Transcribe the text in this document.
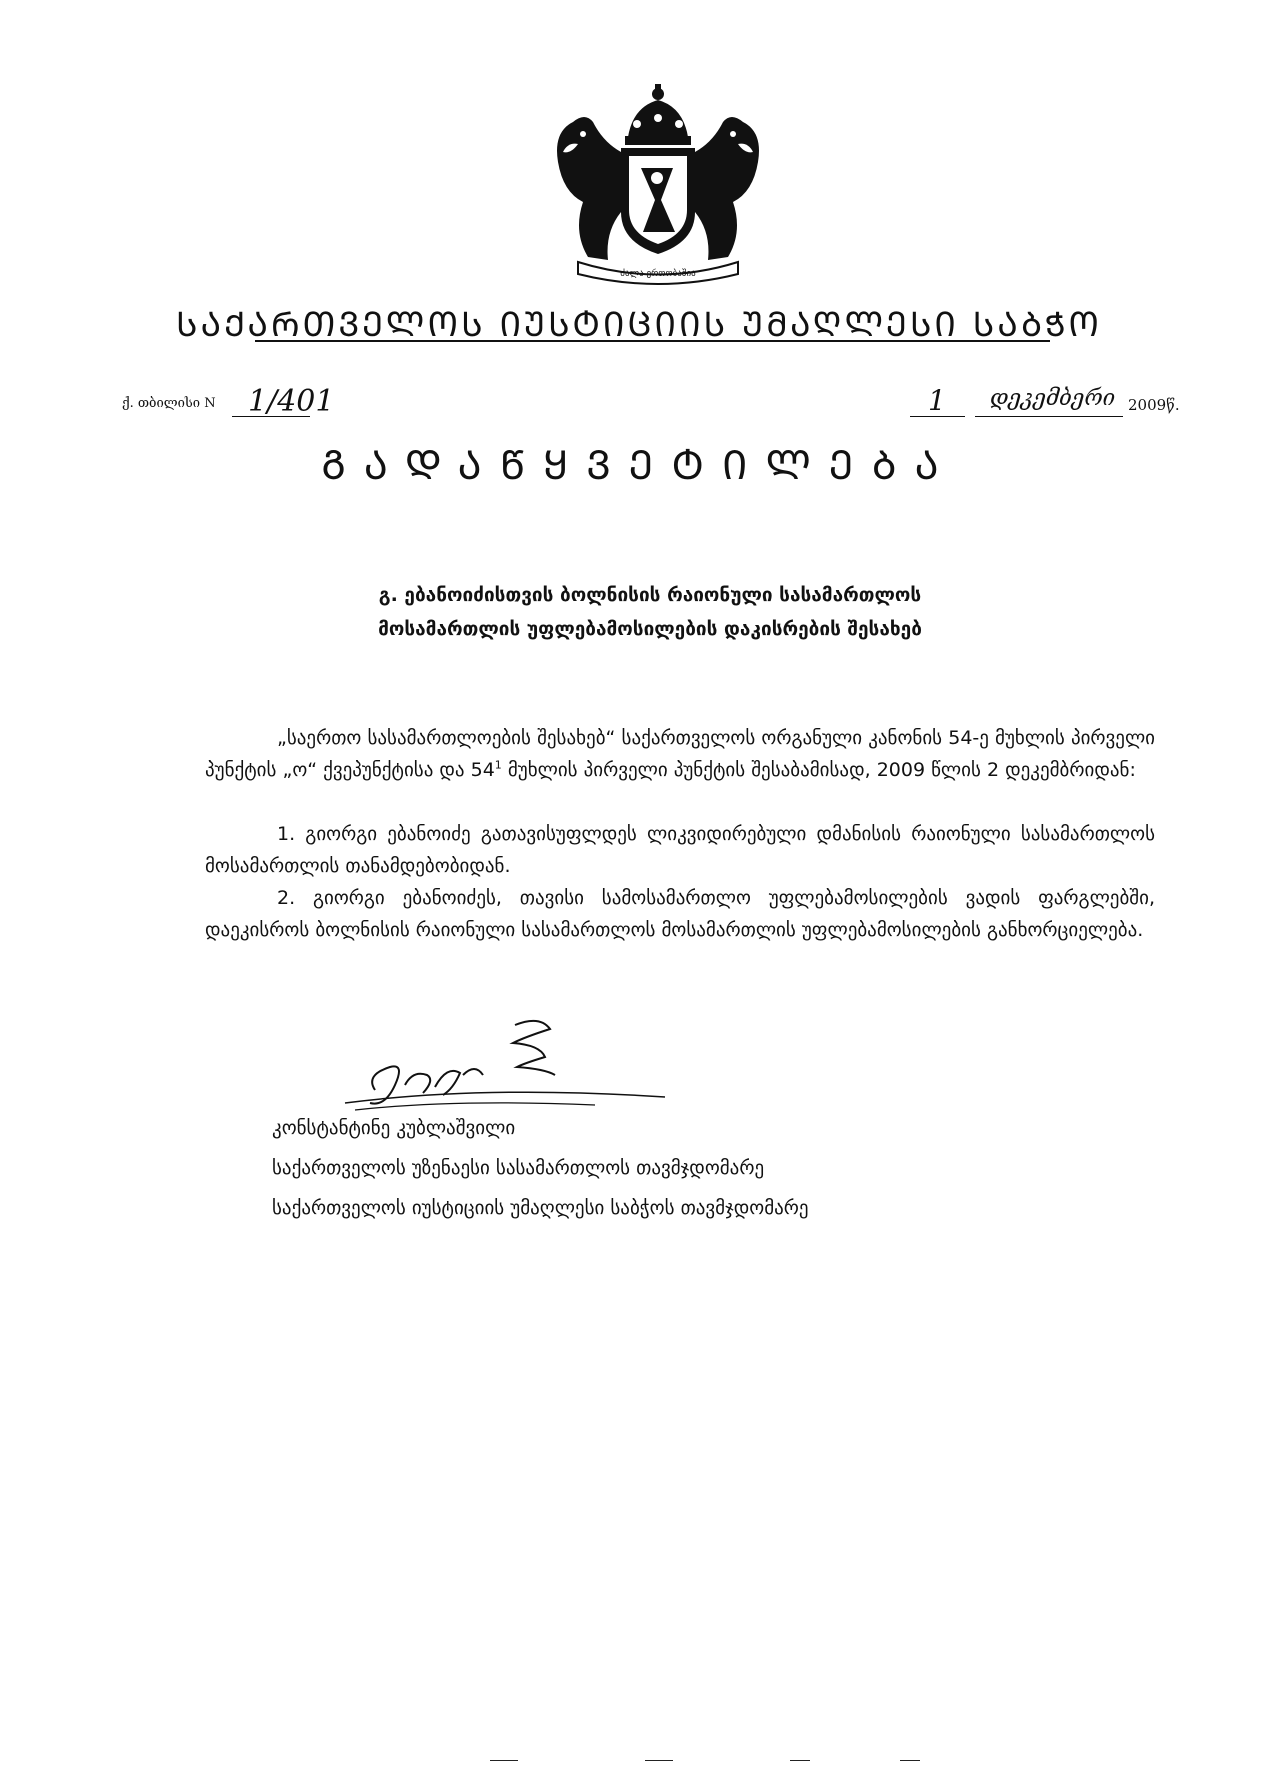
ძალა ერთობაშია
ᲡᲐᲥᲐᲠᲗᲕᲔᲚᲝᲡ ᲘᲣᲡᲢᲘᲪᲘᲘᲡ ᲣᲛᲐᲦᲚᲔᲡᲘ ᲡᲐᲑᲭᲝ
ქ. თბილისი N 1/401	1 დეკემბერი 2009წ.
ᲒᲐᲓᲐᲬᲧᲕᲔᲢᲘᲚᲔᲑᲐ
გ. ებანოიძისთვის ბოლნისის რაიონული სასამართლოს
მოსამართლის უფლებამოსილების დაკისრების შესახებ
„საერთო სასამართლოების შესახებ“ საქართველოს ორგანული კანონის 54-ე მუხლის პირველი პუნქტის „ო“ ქვეპუნქტისა და $54^1$ მუხლის პირველი პუნქტის შესაბამისად, 2009 წლის 2 დეკემბრიდან:
1. გიორგი ებანოიძე გათავისუფლდეს ლიკვიდირებული დმანისის რაიონული სასამართლოს მოსამართლის თანამდებობიდან.
2. გიორგი ებანოიძეს, თავისი სამოსამართლო უფლებამოსილების ვადის ფარგლებში, დაეკისროს ბოლნისის რაიონული სასამართლოს მოსამართლის უფლებამოსილების განხორციელება.
კონსტანტინე კუბლაშვილი
საქართველოს უზენაესი სასამართლოს თავმჯდომარე
საქართველოს იუსტიციის უმაღლესი საბჭოს თავმჯდომარე
